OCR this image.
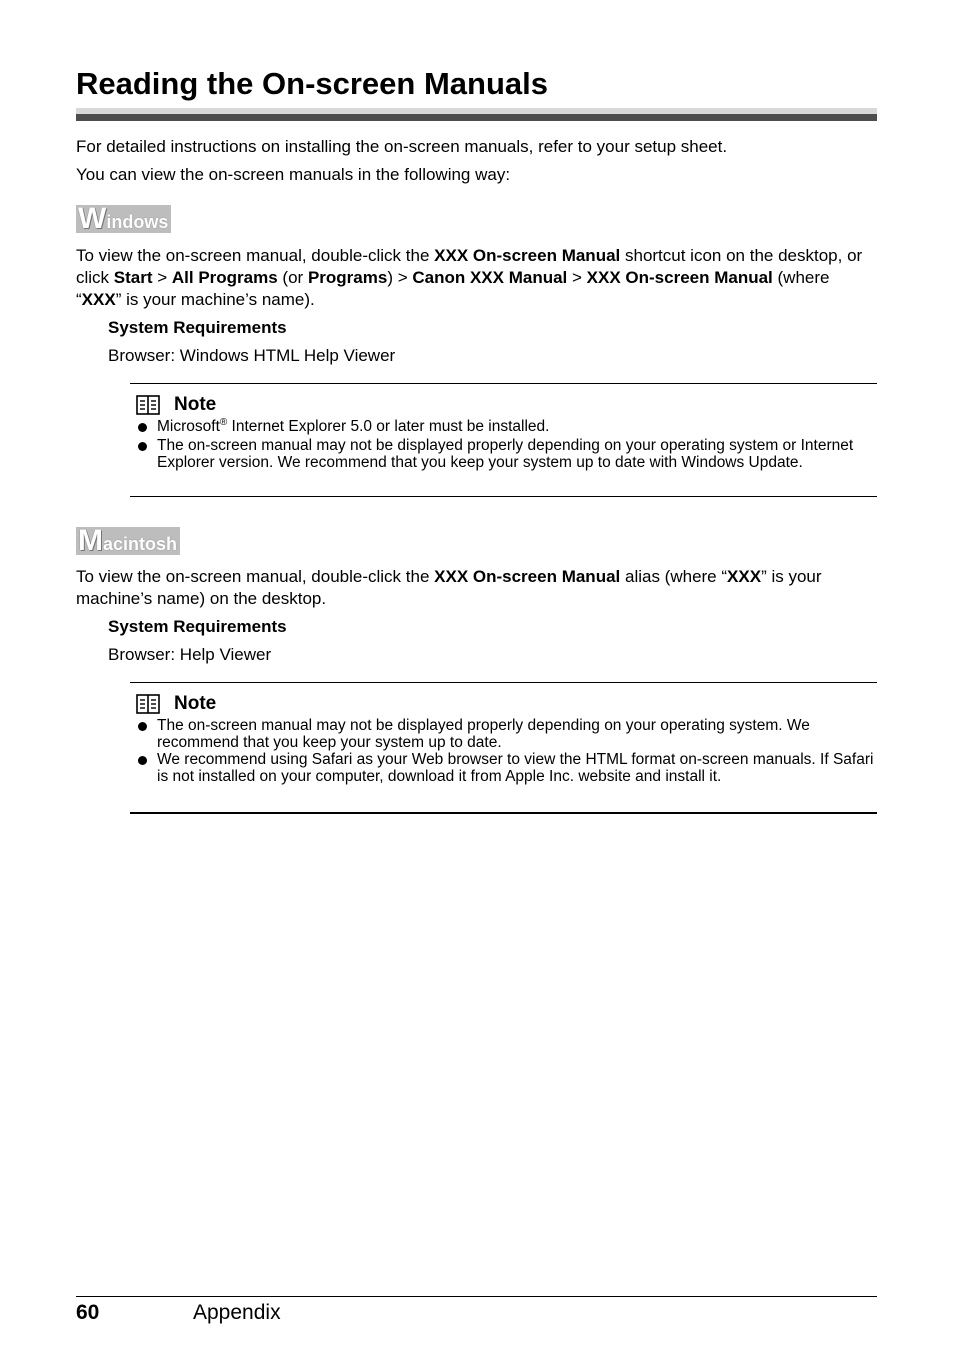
Reading the On-screen Manuals
For detailed instructions on installing the on-screen manuals, refer to your setup sheet.
You can view the on-screen manuals in the following way:
W indows
To view the on-screen manual, double-click the XXX On-screen Manual shortcut icon on the desktop, or click Start > All Programs (or Programs) > Canon XXX Manual > XXX On-screen Manual (where “XXX” is your machine’s name).
System Requirements
Browser: Windows HTML Help Viewer
Note
Microsoft® Internet Explorer 5.0 or later must be installed.
The on-screen manual may not be displayed properly depending on your operating system or Internet Explorer version. We recommend that you keep your system up to date with Windows Update.
M acintosh
To view the on-screen manual, double-click the XXX On-screen Manual alias (where “XXX” is your machine’s name) on the desktop.
System Requirements
Browser: Help Viewer
Note
The on-screen manual may not be displayed properly depending on your operating system. We recommend that you keep your system up to date.
We recommend using Safari as your Web browser to view the HTML format on-screen manuals. If Safari is not installed on your computer, download it from Apple Inc. website and install it.
60	Appendix
